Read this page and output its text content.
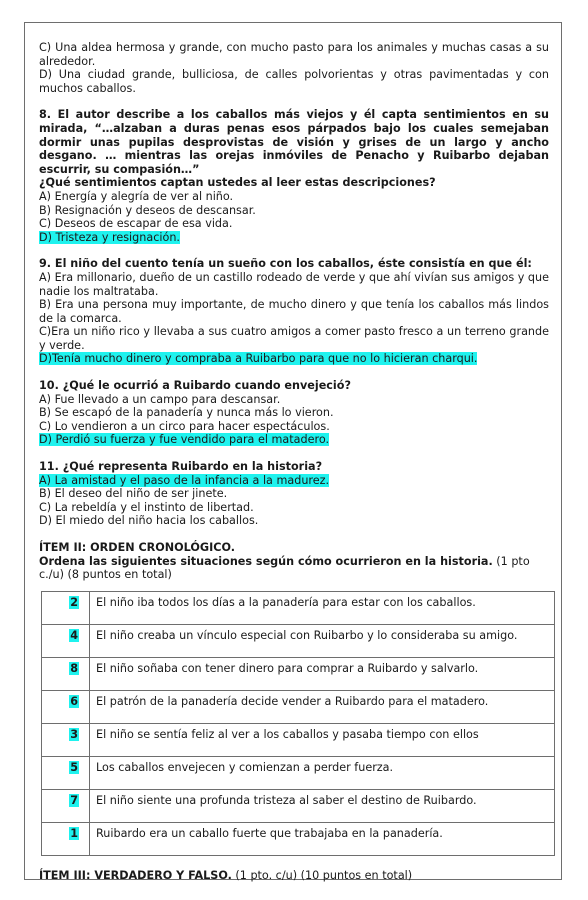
C) Una aldea hermosa y grande, con mucho pasto para los animales y muchas casas a su alrededor.

D) Una ciudad grande, bulliciosa, de calles polvorientas y otras pavimentadas y con muchos caballos.

8. El autor describe a los caballos más viejos y él capta sentimientos en su mirada, “…alzaban a duras penas esos párpados bajo los cuales semejaban dormir unas pupilas desprovistas de visión y grises de un largo y ancho desgano. … mientras las orejas inmóviles de Penacho y Ruibarbo dejaban escurrir, su compasión…”

¿Qué sentimientos captan ustedes al leer estas descripciones?

A) Energía y alegría de ver al niño.

B) Resignación y deseos de descansar.

C) Deseos de escapar de esa vida.

D) Tristeza y resignación.

9. El niño del cuento tenía un sueño con los caballos, éste consistía en que él:

A) Era millonario, dueño de un castillo rodeado de verde y que ahí vivían sus amigos y que nadie los maltrataba.

B) Era una persona muy importante, de mucho dinero y que tenía los caballos más lindos de la comarca.

C)Era un niño rico y llevaba a sus cuatro amigos a comer pasto fresco a un terreno grande y verde.

D)Tenía mucho dinero y compraba a Ruibarbo para que no lo hicieran charqui.

10. ¿Qué le ocurrió a Ruibardo cuando envejeció?

A) Fue llevado a un campo para descansar.

B) Se escapó de la panadería y nunca más lo vieron.

C) Lo vendieron a un circo para hacer espectáculos.

D) Perdió su fuerza y fue vendido para el matadero.

11. ¿Qué representa Ruibardo en la historia?

A) La amistad y el paso de la infancia a la madurez.

B) El deseo del niño de ser jinete.

C) La rebeldía y el instinto de libertad.

D) El miedo del niño hacia los caballos.

ÍTEM II: ORDEN CRONOLÓGICO.

Ordena las siguientes situaciones según cómo ocurrieron en la historia. (1 pto c./u) (8 puntos en total)

2	El niño iba todos los días a la panadería para estar con los caballos.
4	El niño creaba un vínculo especial con Ruibarbo y lo consideraba su amigo.
8	El niño soñaba con tener dinero para comprar a Ruibardo y salvarlo.
6	El patrón de la panadería decide vender a Ruibardo para el matadero.
3	El niño se sentía feliz al ver a los caballos y pasaba tiempo con ellos
5	Los caballos envejecen y comienzan a perder fuerza.
7	El niño siente una profunda tristeza al saber el destino de Ruibardo.
1	Ruibardo era un caballo fuerte que trabajaba en la panadería.

ÍTEM III: VERDADERO Y FALSO. (1 pto. c/u) (10 puntos en total)
